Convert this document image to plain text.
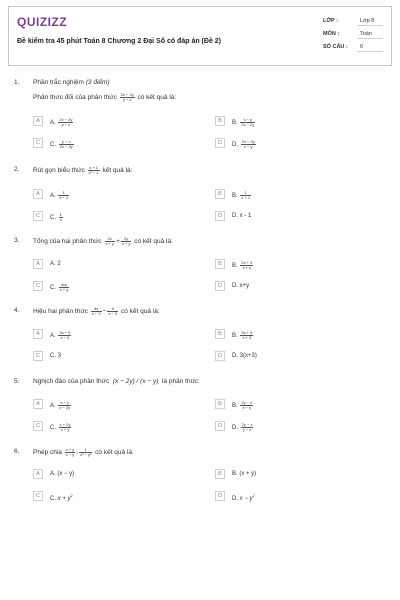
QUIZIZZ
Đề kiểm tra 45 phút Toán 8 Chương 2 Đại Số có đáp án (Đề 2)
LỚP :	Lớp 8
MÔN :	Toán
SỐ CÂU :	6
1. Phần trắc nghiệm (3 điểm)
Phân thức đối của phân thức $\frac{2x - 2y}{y - x}$ có kết quả là:
A	A. $\frac{2x - 2y}{y - x}$	B	B. $\frac{x - y}{2x - 2y}$
C	C. $\frac{y - x}{2x - 2y}$	D	D. $\frac{2x - 2y}{x - y}$
2. Rút gọn biểu thức $\frac{x + 1}{\text{x² − 1}}$ kết quả là:
A	A. $\frac{1}{x - 1}$	B	B. $\frac{1}{x + 1}$
C	C. $\frac{1}{x}$	D	D. x - 1
3. Tổng của hai phân thức $\frac{2x}{x + y} + \frac{2y}{x + y}$ có kết quả là:
A	A. 2	B	B. $\frac{2x + 2}{x + y}$
C	C. $\frac{4xy}{x + y}$	D	D. x+y
4. Hiệu hai phân thức $\frac{3x}{x - 3} - \frac{9}{x - 3}$ có kết quả là:
A	A. $\frac{3x + 9}{x - 3}$	B	B. $\frac{3x + 9}{x + 3}$
C	C. 3	D	D. 3(x+3)
5. Nghịch đảo của phân thức (x − 2y) / (x − y) là phân thức:
A	A. $\frac{x - y}{x - 2y}$	B	B. $\frac{2y - x}{x - y}$
C	C. $\frac{x + 2y}{x + y}$	D	D. $\frac{2y - x}{y - x}$
6. Phép chia $\frac{x + y}{x - y}$ : $\frac{1}{\text{x² − y²}}$ có kết quả là:
A	A. (x − y)	B	B. (x + y)
C	C. $x + y^2$	D	D. $x - y^2$
